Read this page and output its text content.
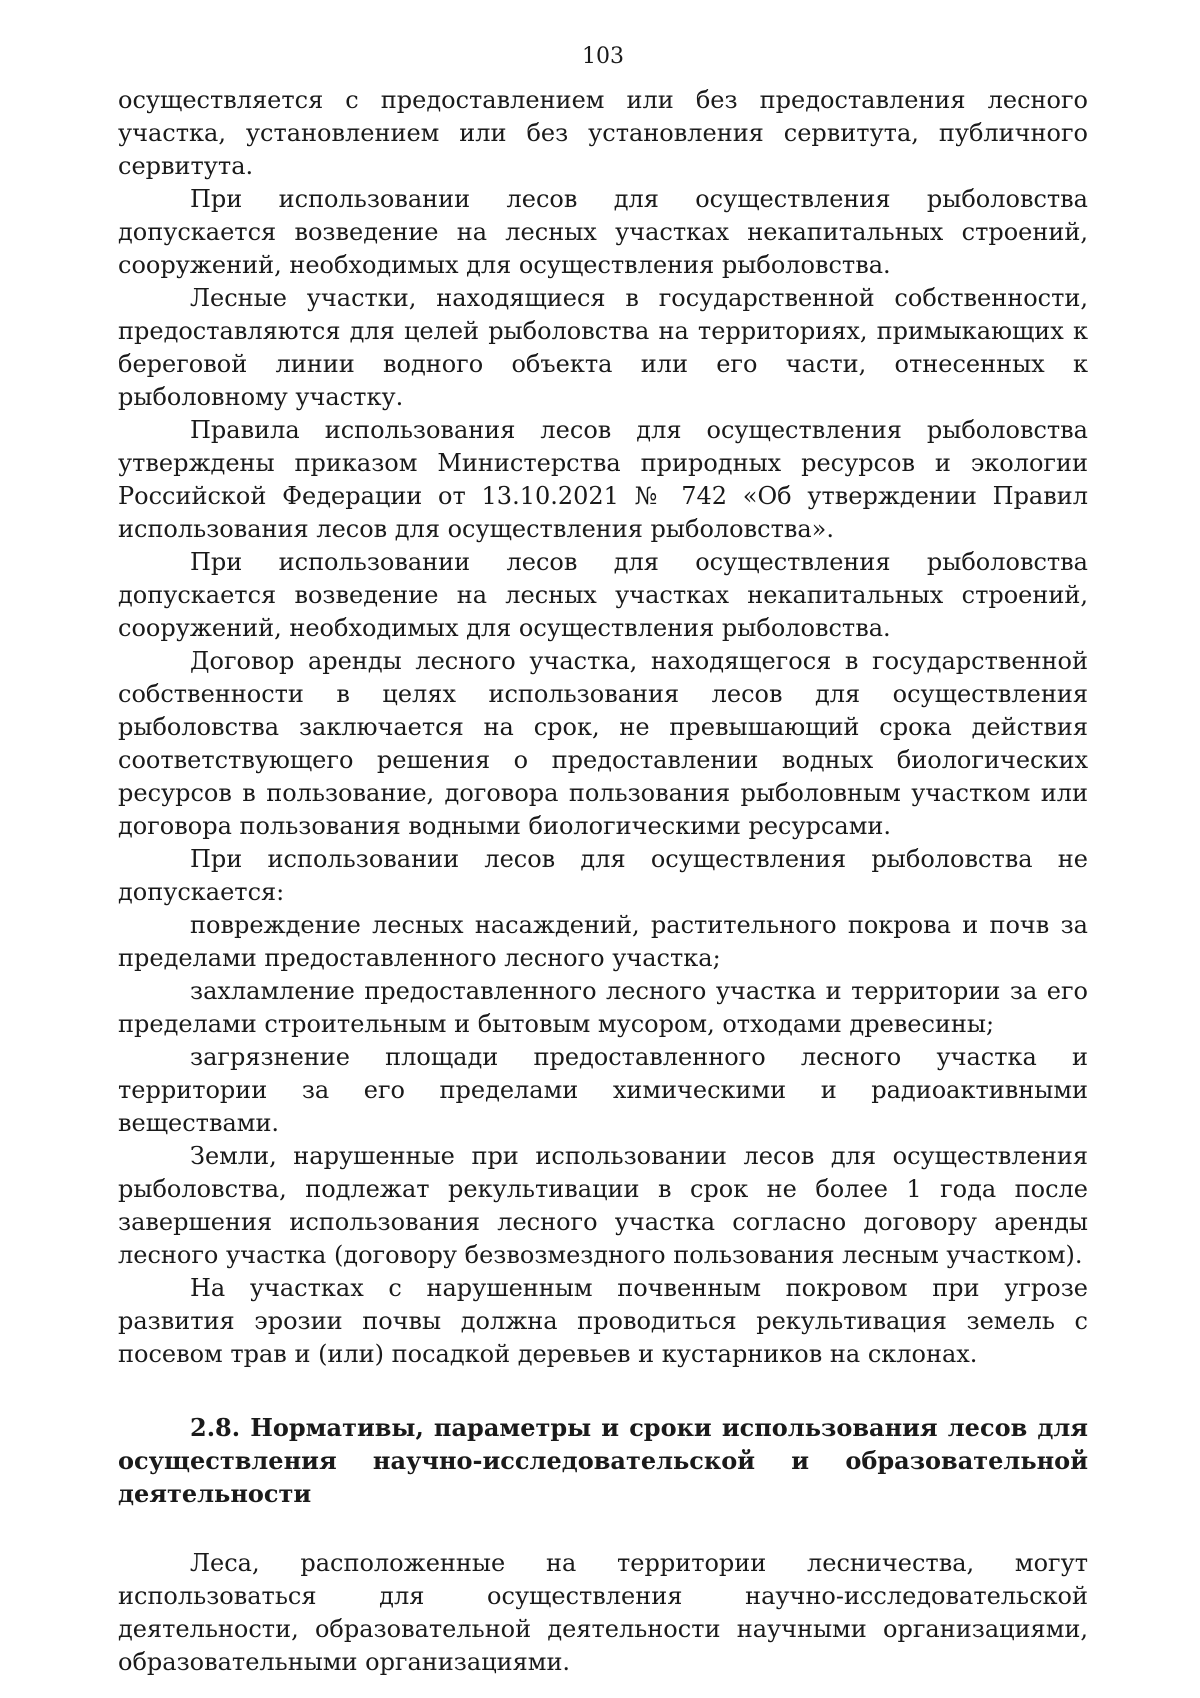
103

осуществляется с предоставлением или без предоставления лесного участка, установлением или без установления сервитута, публичного сервитута.

При использовании лесов для осуществления рыболовства допускается возведение на лесных участках некапитальных строений, сооружений, необходимых для осуществления рыболовства.

Лесные участки, находящиеся в государственной собственности, предоставляются для целей рыболовства на территориях, примыкающих к береговой линии водного объекта или его части, отнесенных к рыболовному участку.

Правила использования лесов для осуществления рыболовства утверждены приказом Министерства природных ресурсов и экологии Российской Федерации от 13.10.2021 № 742 «Об утверждении Правил использования лесов для осуществления рыболовства».

При использовании лесов для осуществления рыболовства допускается возведение на лесных участках некапитальных строений, сооружений, необходимых для осуществления рыболовства.

Договор аренды лесного участка, находящегося в государственной собственности в целях использования лесов для осуществления рыболовства заключается на срок, не превышающий срока действия соответствующего решения о предоставлении водных биологических ресурсов в пользование, договора пользования рыболовным участком или договора пользования водными биологическими ресурсами.

При использовании лесов для осуществления рыболовства не допускается:

повреждение лесных насаждений, растительного покрова и почв за пределами предоставленного лесного участка;

захламление предоставленного лесного участка и территории за его пределами строительным и бытовым мусором, отходами древесины;

загрязнение площади предоставленного лесного участка и территории за его пределами химическими и радиоактивными веществами.

Земли, нарушенные при использовании лесов для осуществления рыболовства, подлежат рекультивации в срок не более 1 года после завершения использования лесного участка согласно договору аренды лесного участка (договору безвозмездного пользования лесным участком).

На участках с нарушенным почвенным покровом при угрозе развития эрозии почвы должна проводиться рекультивация земель с посевом трав и (или) посадкой деревьев и кустарников на склонах.

2.8. Нормативы, параметры и сроки использования лесов для осуществления научно-исследовательской и образовательной деятельности

Леса, расположенные на территории лесничества, могут использоваться для осуществления научно-исследовательской деятельности, образовательной деятельности научными организациями, образовательными организациями.
